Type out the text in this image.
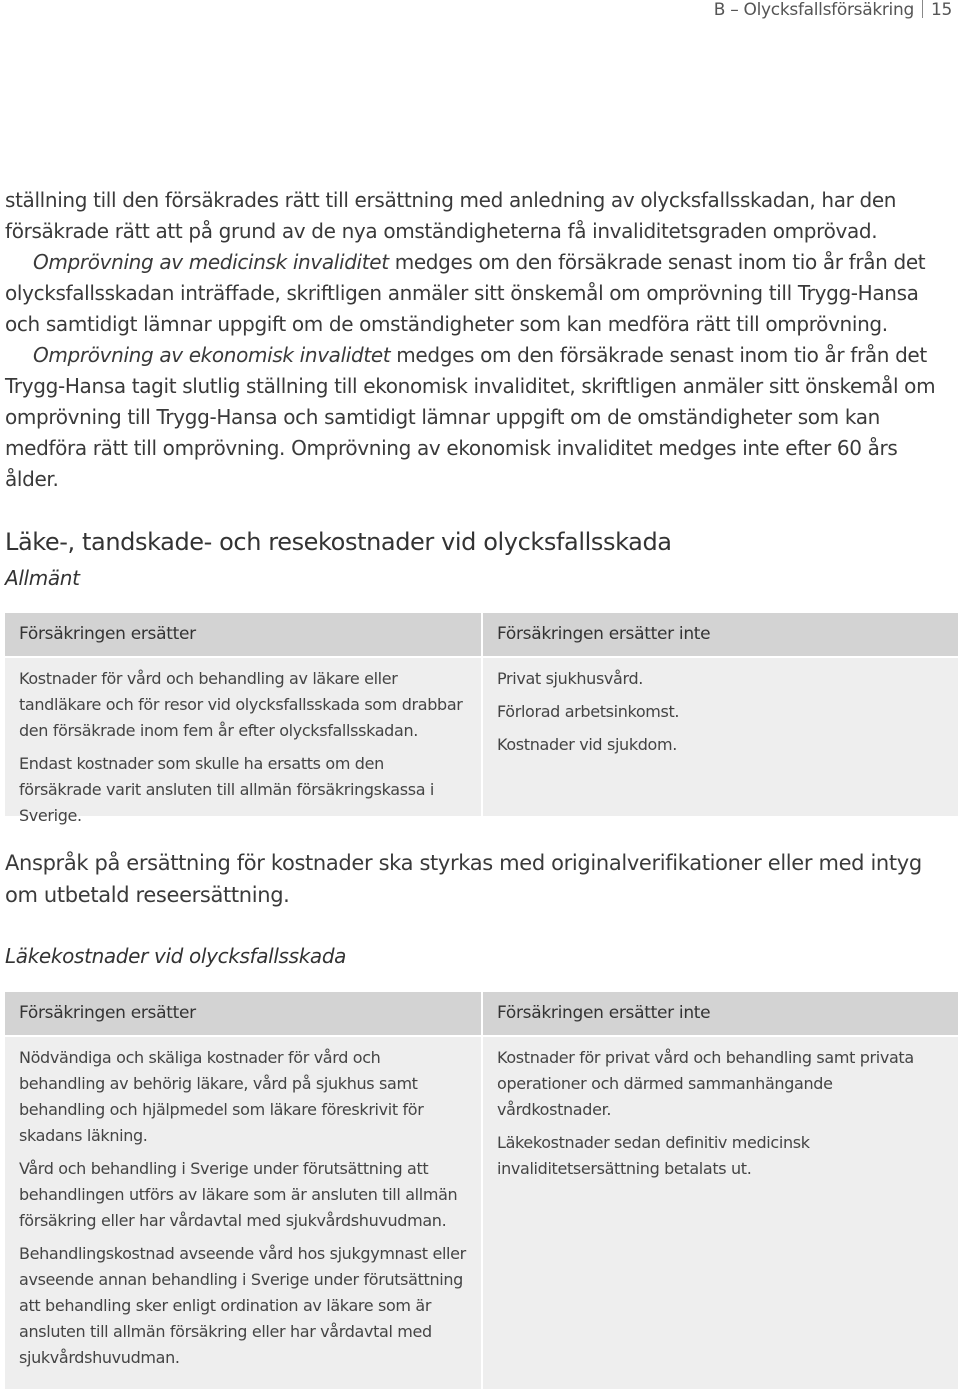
B – Olycksfallsförsäkring 15

ställning till den försäkrades rätt till ersättning med anledning av olycksfallsskadan, har den försäkrade rätt att på grund av de nya omständigheterna få invaliditetsgraden omprövad.

Omprövning av medicinsk invaliditet medges om den försäkrade senast inom tio år från det olycksfallsskadan inträffade, skriftligen anmäler sitt önskemål om omprövning till Trygg-Hansa och samtidigt lämnar uppgift om de omständigheter som kan medföra rätt till omprövning.

Omprövning av ekonomisk invalidtet medges om den försäkrade senast inom tio år från det Trygg-Hansa tagit slutlig ställning till ekonomisk invaliditet, skriftligen anmäler sitt önskemål om omprövning till Trygg-Hansa och samtidigt lämnar uppgift om de omständigheter som kan medföra rätt till omprövning. Omprövning av ekonomisk invaliditet medges inte efter 60 års ålder.

Läke-, tandskade- och resekostnader vid olycksfallsskada
Allmänt
Försäkringen ersätter	Försäkringen ersätter inte

Kostnader för vård och behandling av läkare eller tandläkare och för resor vid olycksfallsskada som drabbar den försäkrade inom fem år efter olycksfallsskadan.

Endast kostnader som skulle ha ersatts om den försäkrade varit ansluten till allmän försäkringskassa i Sverige.

Privat sjukhusvård.

Förlorad arbetsinkomst.

Kostnader vid sjukdom.

Anspråk på ersättning för kostnader ska styrkas med originalverifikationer eller med intyg om utbetald reseersättning.

Läkekostnader vid olycksfallsskada
Försäkringen ersätter	Försäkringen ersätter inte

Nödvändiga och skäliga kostnader för vård och behandling av behörig läkare, vård på sjukhus samt behandling och hjälpmedel som läkare föreskrivit för skadans läkning.

Vård och behandling i Sverige under förutsättning att behandlingen utförs av läkare som är ansluten till allmän försäkring eller har vårdavtal med sjukvårdshuvudman.

Behandlingskostnad avseende vård hos sjukgymnast eller avseende annan behandling i Sverige under förutsättning att behandling sker enligt ordination av läkare som är ansluten till allmän försäkring eller har vårdavtal med sjukvårdshuvudman.

Kostnader för privat vård och behandling samt privata operationer och därmed sammanhängande vårdkostnader.

Läkekostnader sedan definitiv medicinsk invaliditetsersättning betalats ut.
